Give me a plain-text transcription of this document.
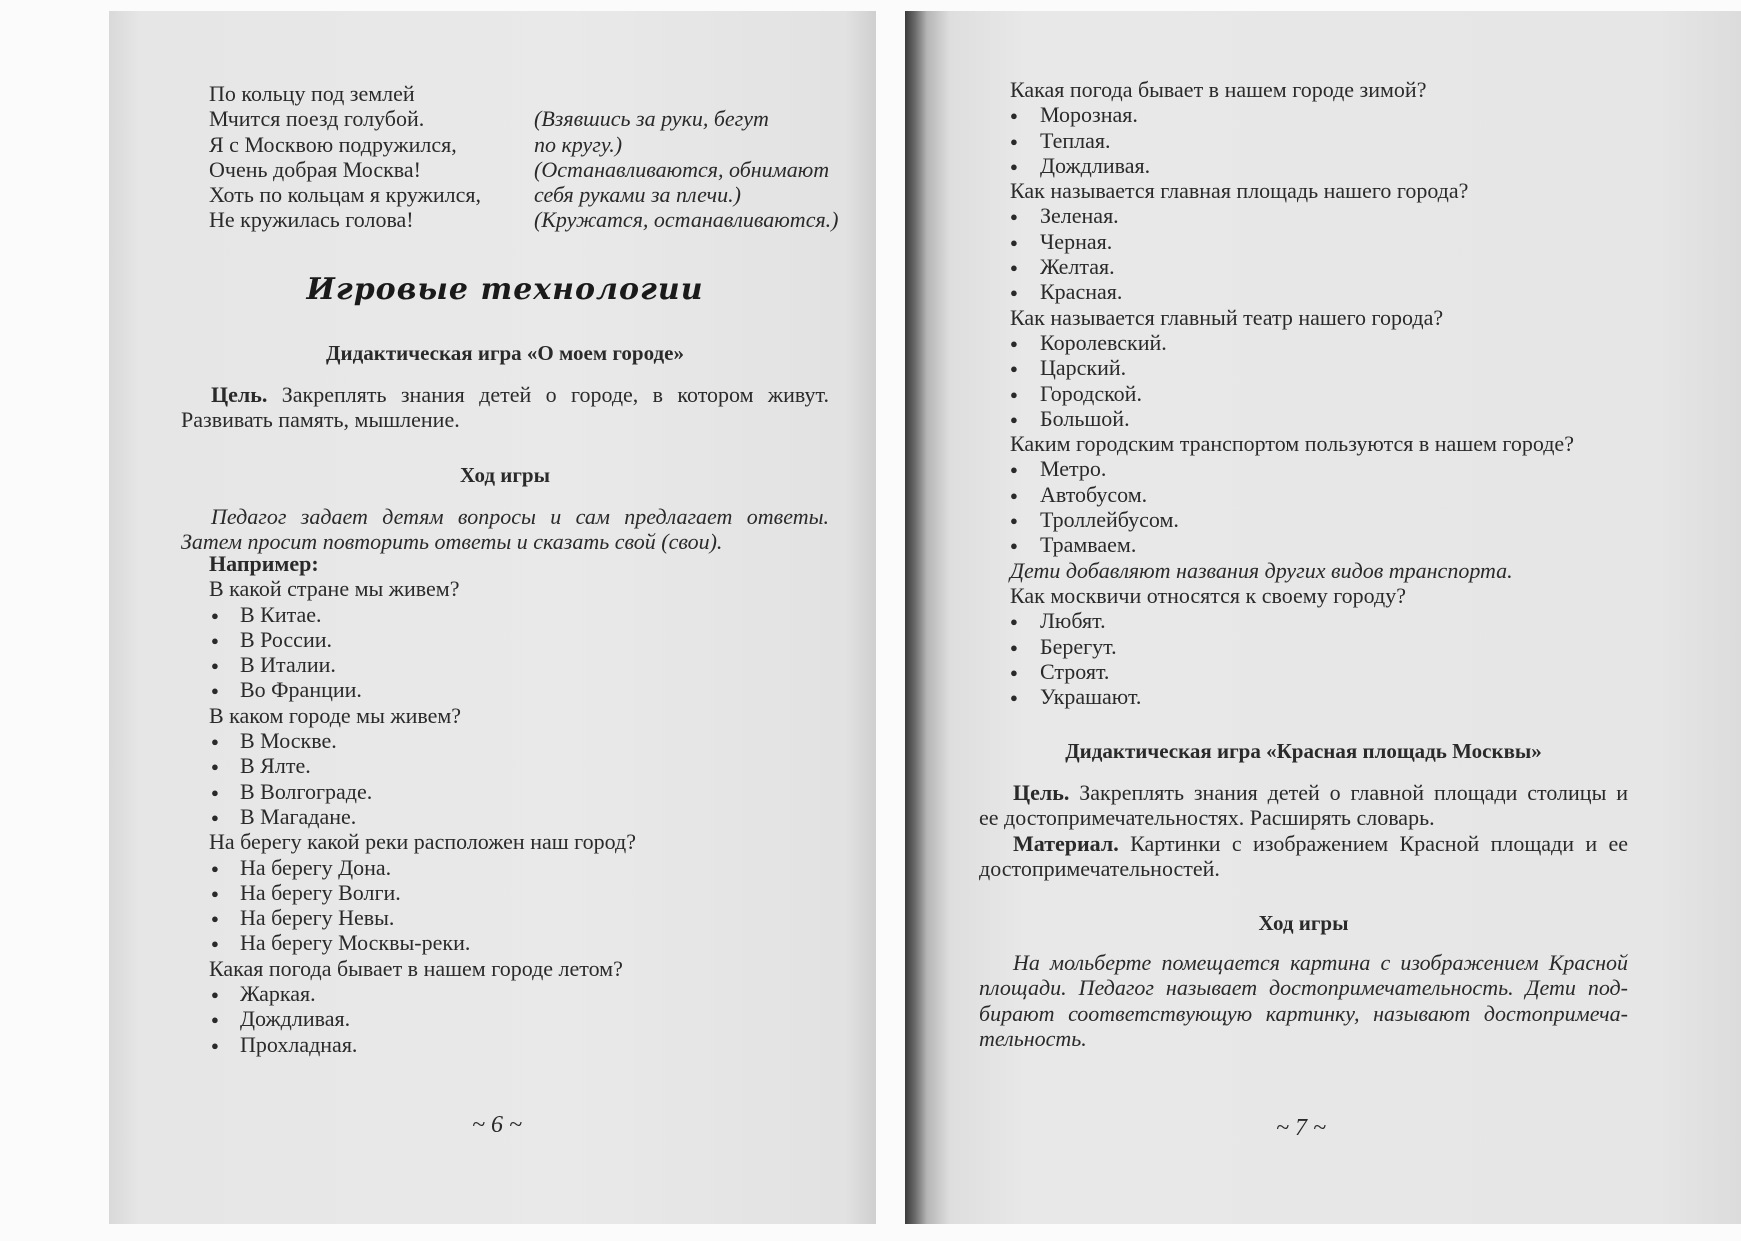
По кольцу под землей
(Взявшись за руки, бегут
Мчится поезд голубой.
по кругу.)
Я с Москвою подружился,
(Останавливаются, обнимают
Очень добрая Москва!
себя руками за плечи.)
Хоть по кольцам я кружился,
(Кружатся, останавливаются.)
Не кружилась голова!
Игровые технологии
Дидактическая игра «О моем городе»
Цель. Закреплять знания детей о городе, в котором живут.
Развивать память, мышление.
Ход игры
Педагог задает детям вопросы и сам предлагает ответы.
Затем просит повторить ответы и сказать свой (свои).
Например:
В какой стране мы живем?
● В Китае.
● В России.
● В Италии.
● Во Франции.
В каком городе мы живем?
● В Москве.
● В Ялте.
● В Волгограде.
● В Магадане.
На берегу какой реки расположен наш город?
● На берегу Дона.
● На берегу Волги.
● На берегу Невы.
● На берегу Москвы-реки.
Какая погода бывает в нашем городе летом?
● Жаркая.
● Дождливая.
● Прохладная.
~ 6 ~
Какая погода бывает в нашем городе зимой?
● Морозная.
● Теплая.
● Дождливая.
Как называется главная площадь нашего города?
● Зеленая.
● Черная.
● Желтая.
● Красная.
Как называется главный театр нашего города?
● Королевский.
● Царский.
● Городской.
● Большой.
Каким городским транспортом пользуются в нашем городе?
● Метро.
● Автобусом.
● Троллейбусом.
● Трамваем.
Дети добавляют названия других видов транспорта.
Как москвичи относятся к своему городу?
● Любят.
● Берегут.
● Строят.
● Украшают.
Дидактическая игра «Красная площадь Москвы»
Цель. Закреплять знания детей о главной площади столицы и
ее достопримечательностях. Расширять словарь.
Материал. Картинки с изображением Красной площади и ее
достопримечательностей.
Ход игры
На мольберте помещается картина с изображением Красной
площади. Педагог называет достопримечательность. Дети под-
бирают соответствующую картинку, называют достопримеча-
тельность.
~ 7 ~
